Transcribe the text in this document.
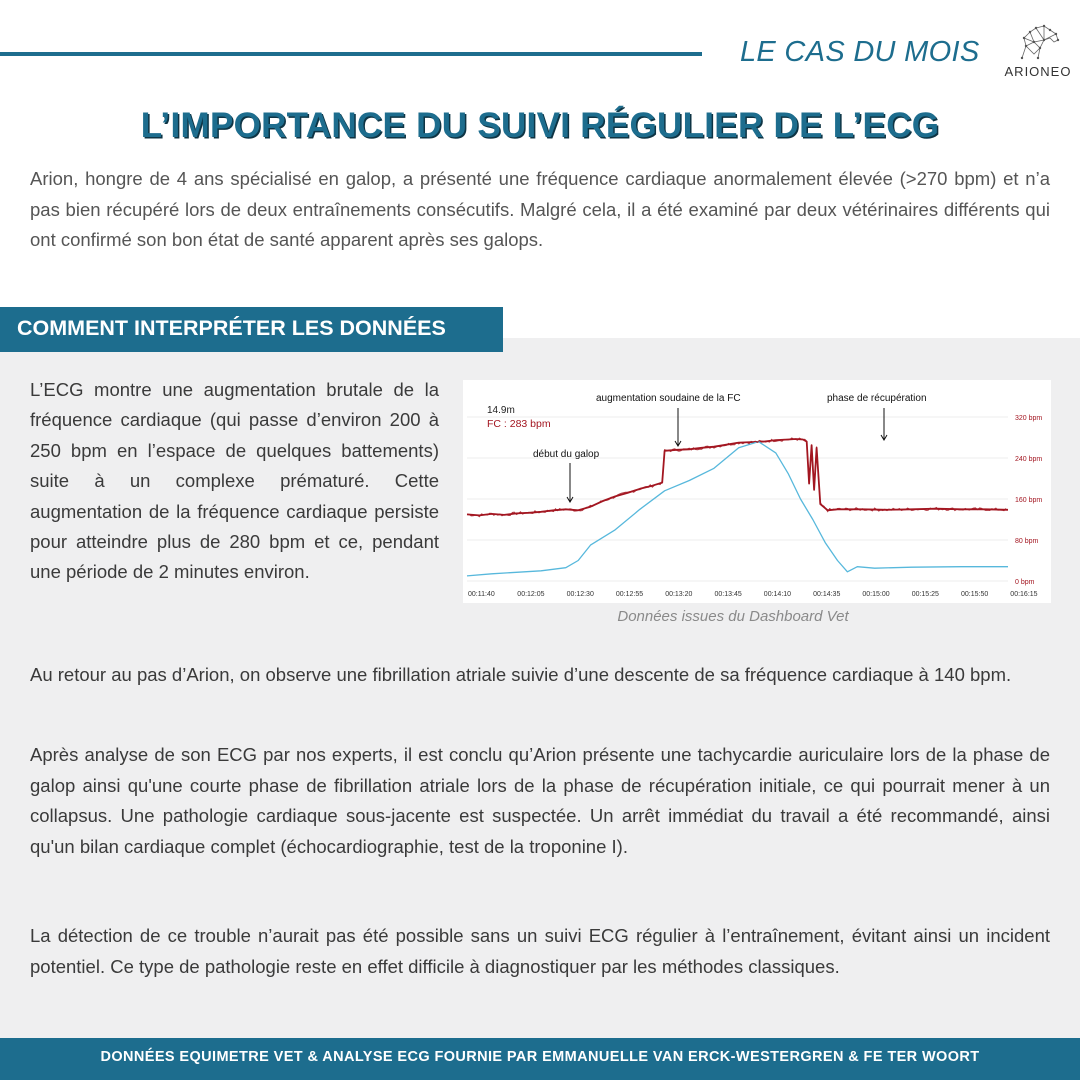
LE CAS DU MOIS
ARIONEO
L’IMPORTANCE DU SUIVI RÉGULIER DE L’ECG
Arion, hongre de 4 ans spécialisé en galop, a présenté une fréquence cardiaque anormalement élevée (>270 bpm) et n’a pas bien récupéré lors de deux entraînements consécutifs. Malgré cela, il a été examiné par deux vétérinaires différents qui ont confirmé son bon état de santé apparent après ses galops.
COMMENT INTERPRÉTER LES DONNÉES
L’ECG montre une augmentation brutale de la fréquence cardiaque (qui passe d’environ 200 à 250 bpm en l’espace de quelques battements) suite à un complexe prématuré. Cette augmentation de la fréquence cardiaque persiste pour atteindre plus de 280 bpm et ce, pendant une période de 2 minutes environ.
début du galop
augmentation soudaine de la FC	phase de récupération
14.9m
FC : 283 bpm
0 bpm
80 bpm
160 bpm
240 bpm
320 bpm
00:11:40	00:12:05	00:12:30	00:12:55	00:13:20	00:13:45	00:14:10	00:14:35	00:15:00	00:15:25	00:15:50	00:16:15
Données issues du Dashboard Vet
Au retour au pas d’Arion, on observe une fibrillation atriale suivie d’une descente de sa fréquence cardiaque à 140 bpm.
Après analyse de son ECG par nos experts, il est conclu qu’Arion présente une tachycardie auriculaire lors de la phase de galop ainsi qu'une courte phase de fibrillation atriale lors de la phase de récupération initiale, ce qui pourrait mener à un collapsus. Une pathologie cardiaque sous-jacente est suspectée. Un arrêt immédiat du travail a été recommandé, ainsi qu'un bilan cardiaque complet (échocardiographie, test de la troponine I).
La détection de ce trouble n’aurait pas été possible sans un suivi ECG régulier à l’entraînement, évitant ainsi un incident potentiel. Ce type de pathologie reste en effet difficile à diagnostiquer par les méthodes classiques.
DONNÉES EQUIMETRE VET & ANALYSE ECG FOURNIE PAR EMMANUELLE VAN ERCK-WESTERGREN & FE TER WOORT
